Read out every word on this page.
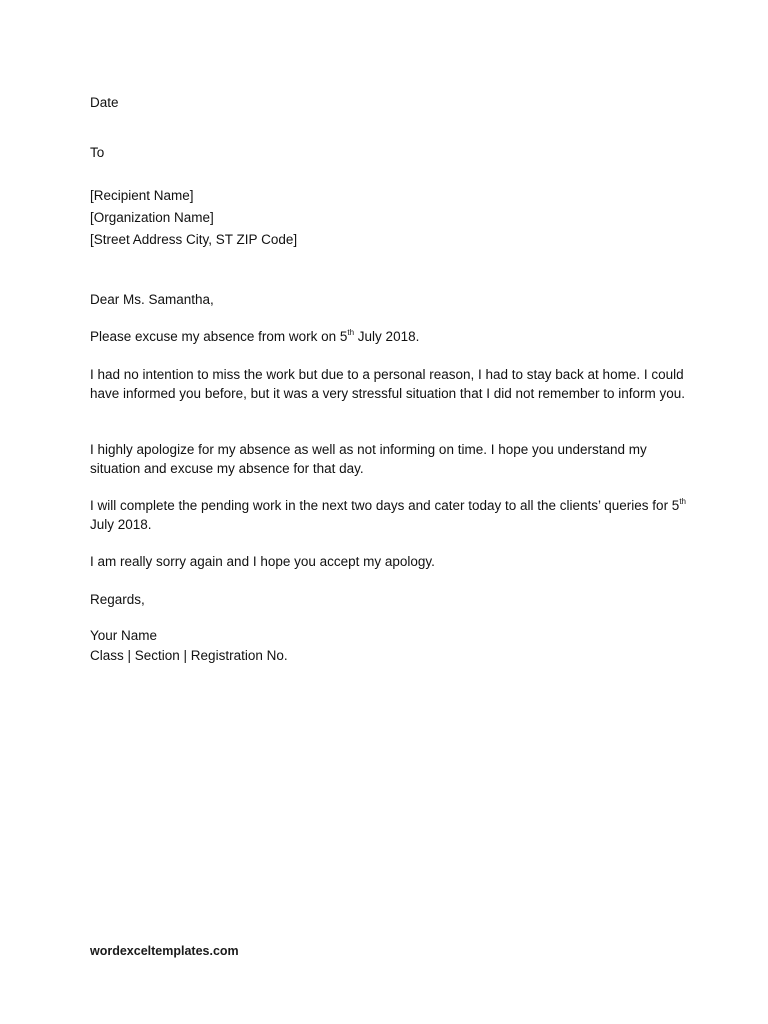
Date
To
[Recipient Name]
[Organization Name]
[Street Address City, ST ZIP Code]
Dear Ms. Samantha,
Please excuse my absence from work on 5th July 2018.
I had no intention to miss the work but due to a personal reason, I had to stay back at home. I could have informed you before, but it was a very stressful situation that I did not remember to inform you.
I highly apologize for my absence as well as not informing on time. I hope you understand my situation and excuse my absence for that day.
I will complete the pending work in the next two days and cater today to all the clients’ queries for 5th July 2018.
I am really sorry again and I hope you accept my apology.
Regards,
Your Name
Class | Section | Registration No.
wordexceltemplates.com
